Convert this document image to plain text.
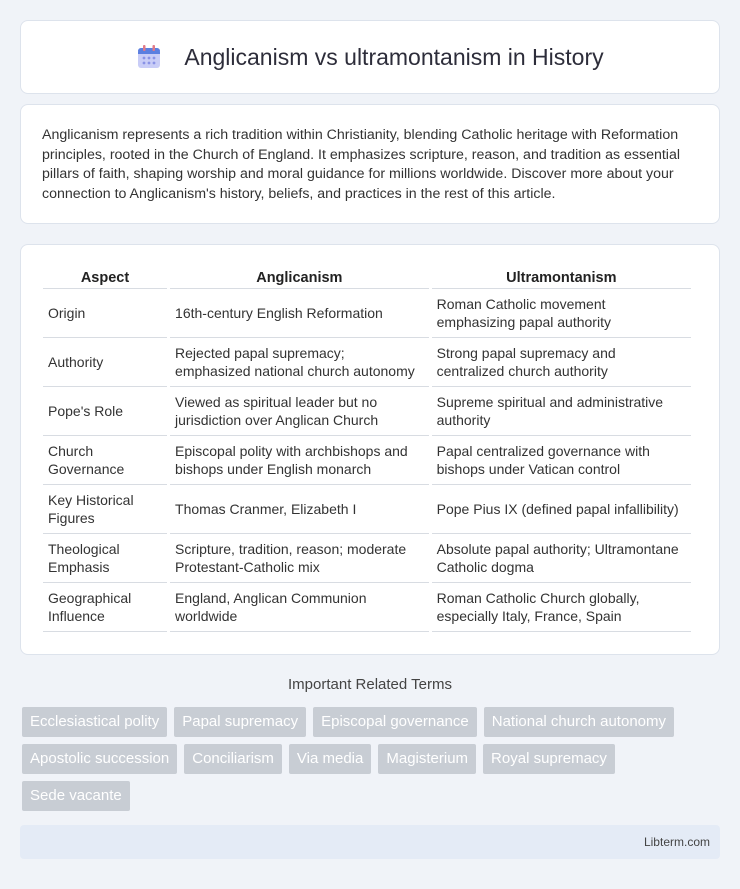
Anglicanism vs ultramontanism in History

Anglicanism represents a rich tradition within Christianity, blending Catholic heritage with Reformation principles, rooted in the Church of England. It emphasizes scripture, reason, and tradition as essential pillars of faith, shaping worship and moral guidance for millions worldwide. Discover more about your connection to Anglicanism's history, beliefs, and practices in the rest of this article.

Aspect	Anglicanism	Ultramontanism
Origin	16th-century English Reformation	Roman Catholic movement emphasizing papal authority
Authority	Rejected papal supremacy; emphasized national church autonomy	Strong papal supremacy and centralized church authority
Pope's Role	Viewed as spiritual leader but no jurisdiction over Anglican Church	Supreme spiritual and administrative authority
Church Governance	Episcopal polity with archbishops and bishops under English monarch	Papal centralized governance with bishops under Vatican control
Key Historical Figures	Thomas Cranmer, Elizabeth I	Pope Pius IX (defined papal infallibility)
Theological Emphasis	Scripture, tradition, reason; moderate Protestant-Catholic mix	Absolute papal authority; Ultramontane Catholic dogma
Geographical Influence	England, Anglican Communion worldwide	Roman Catholic Church globally, especially Italy, France, Spain
Important Related Terms
Ecclesiastical polity	Papal supremacy	Episcopal governance	National church autonomy
Apostolic succession	Conciliarism	Via media	Magisterium	Royal supremacy
Sede vacante
Libterm.com
